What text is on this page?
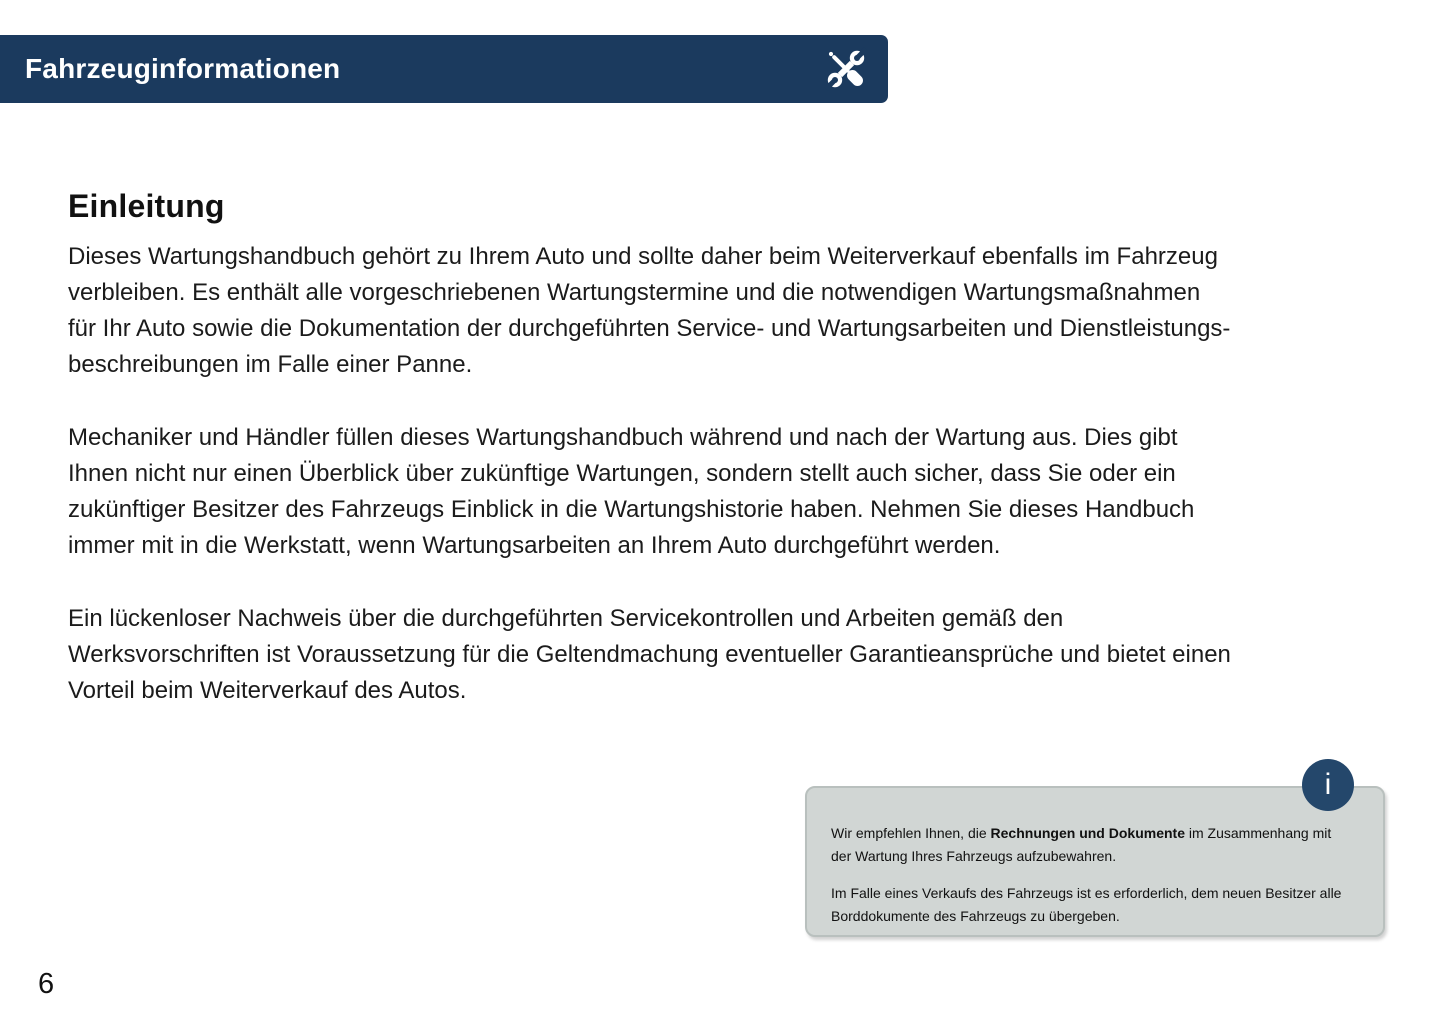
Fahrzeuginformationen
Einleitung
Dieses Wartungshandbuch gehört zu Ihrem Auto und sollte daher beim Weiterverkauf ebenfalls im Fahrzeug
verbleiben. Es enthält alle vorgeschriebenen Wartungstermine und die notwendigen Wartungsmaßnahmen
für Ihr Auto sowie die Dokumentation der durchgeführten Service- und Wartungsarbeiten und Dienstleistungs-
beschreibungen im Falle einer Panne.
Mechaniker und Händler füllen dieses Wartungshandbuch während und nach der Wartung aus. Dies gibt
Ihnen nicht nur einen Überblick über zukünftige Wartungen, sondern stellt auch sicher, dass Sie oder ein
zukünftiger Besitzer des Fahrzeugs Einblick in die Wartungshistorie haben. Nehmen Sie dieses Handbuch
immer mit in die Werkstatt, wenn Wartungsarbeiten an Ihrem Auto durchgeführt werden.
Ein lückenloser Nachweis über die durchgeführten Servicekontrollen und Arbeiten gemäß den
Werksvorschriften ist Voraussetzung für die Geltendmachung eventueller Garantieansprüche und bietet einen
Vorteil beim Weiterverkauf des Autos.
i
Wir empfehlen Ihnen, die Rechnungen und Dokumente im Zusammenhang mit
der Wartung Ihres Fahrzeugs aufzubewahren.
Im Falle eines Verkaufs des Fahrzeugs ist es erforderlich, dem neuen Besitzer alle
Borddokumente des Fahrzeugs zu übergeben.
6
